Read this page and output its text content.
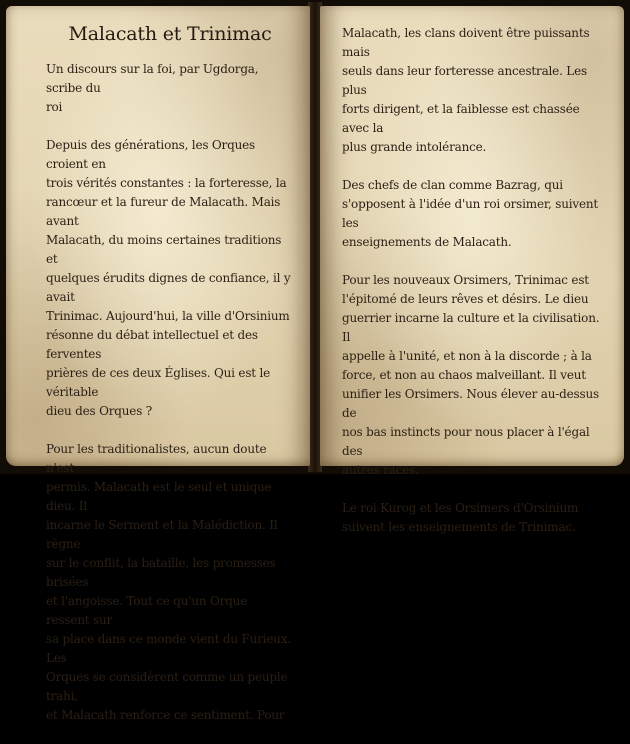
Malacath et Trinimac
Un discours sur la foi, par Ugdorga, scribe du
roi
Depuis des générations, les Orques croient en
trois vérités constantes : la forteresse, la
rancœur et la fureur de Malacath. Mais avant
Malacath, du moins certaines traditions et
quelques érudits dignes de confiance, il y avait
Trinimac. Aujourd'hui, la ville d'Orsinium
résonne du débat intellectuel et des ferventes
prières de ces deux Églises. Qui est le véritable
dieu des Orques ?
Pour les traditionalistes, aucun doute n'est
permis. Malacath est le seul et unique dieu. Il
incarne le Serment et la Malédiction. Il règne
sur le conflit, la bataille, les promesses brisées
et l'angoisse. Tout ce qu'un Orque ressent sur
sa place dans ce monde vient du Furieux. Les
Orques se considèrent comme un peuple trahi,
et Malacath renforce ce sentiment. Pour
Malacath, les clans doivent être puissants mais
seuls dans leur forteresse ancestrale. Les plus
forts dirigent, et la faiblesse est chassée avec la
plus grande intolérance.
Des chefs de clan comme Bazrag, qui
s'opposent à l'idée d'un roi orsimer, suivent les
enseignements de Malacath.
Pour les nouveaux Orsimers, Trinimac est
l'épitomé de leurs rêves et désirs. Le dieu
guerrier incarne la culture et la civilisation. Il
appelle à l'unité, et non à la discorde ; à la
force, et non au chaos malveillant. Il veut
unifier les Orsimers. Nous élever au-dessus de
nos bas instincts pour nous placer à l'égal des
autres races.
Le roi Kurog et les Orsimers d'Orsinium
suivent les enseignements de Trinimac.
